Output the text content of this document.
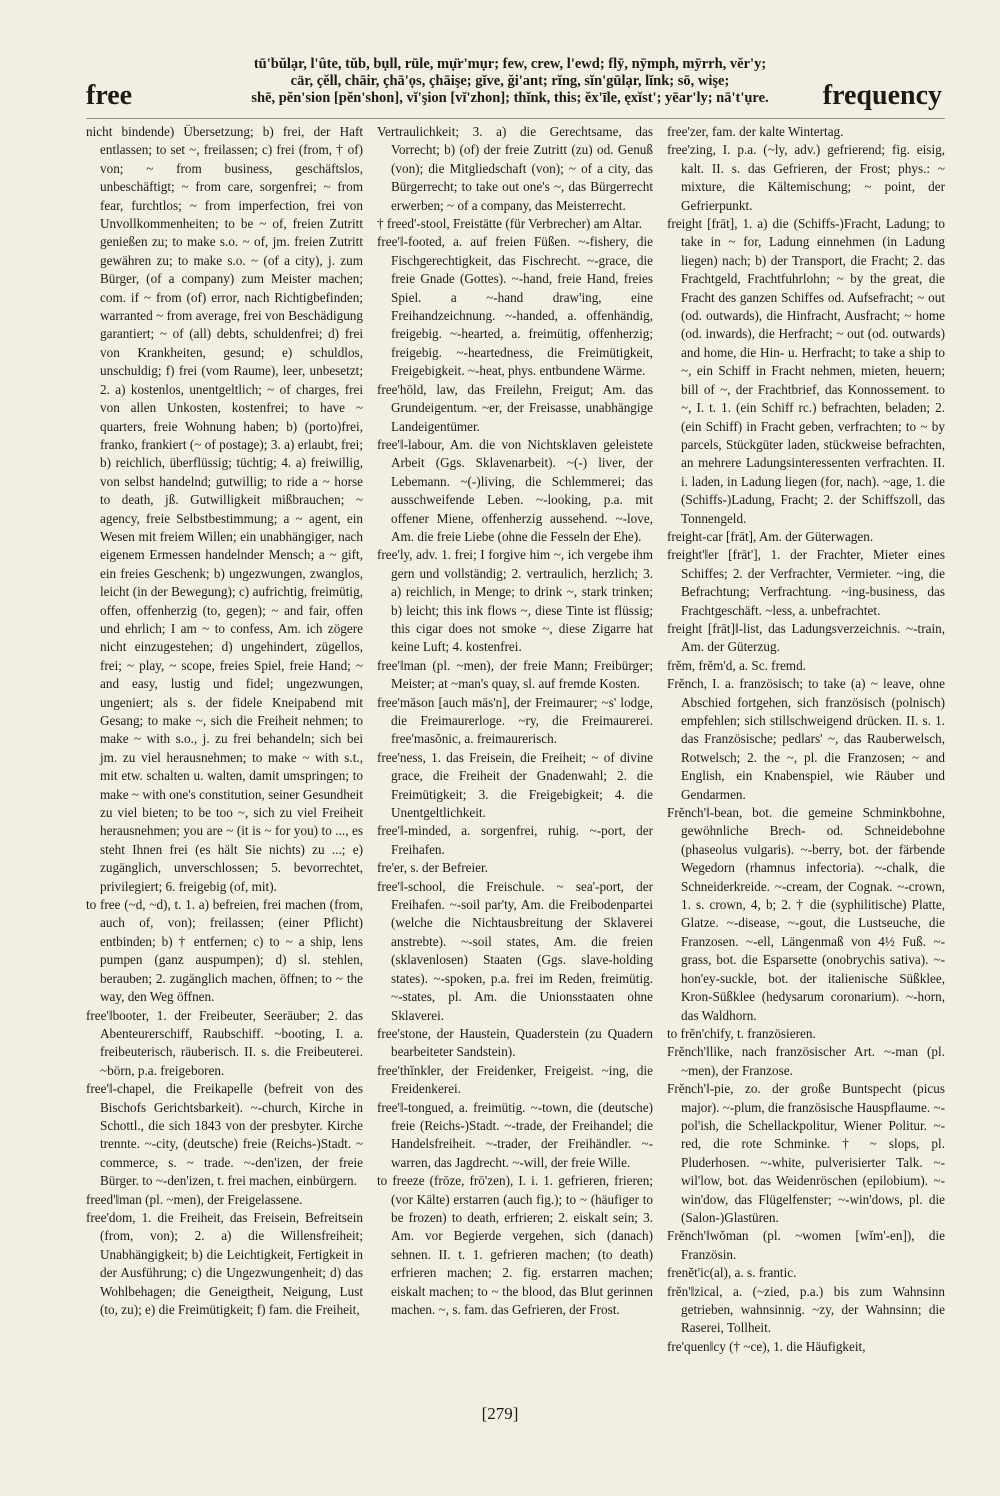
free
tū'bŭlạr, l'ûte, tŭb, bụll, rūle, mụ̈r'mụr; few, crew, l'ewd; flȳ, nȳmph, mȳrrh, vĕr'y;
cär, çĕll, chāir, çhā'ọs, çhāişe; gĭve, ği'ant; rĭng, sĭn'gūlạr, lĭnk; sō, wişe;
shē, pĕn'sion [pĕn'shon], vĭ'şion [vĭ'zhon]; thĭnk, this; ĕx'īle, ęxĭst'; yēar'ly; nā't'ụre.	frequency

nicht bindende) Übersetzung; b) frei, der Haft entlassen; to set ~, freilassen; c) frei (from, † of) von; ~ from business, geschäftslos, unbeschäftigt; ~ from care, sorgenfrei; ~ from fear, furchtlos; ~ from imperfection, frei von Unvollkommenheiten; to be ~ of, freien Zutritt genießen zu; to make s.o. ~ of, jm. freien Zutritt gewähren zu; to make s.o. ~ (of a city), j. zum Bürger, (of a company) zum Meister machen; com. if ~ from (of) error, nach Richtigbefinden; warranted ~ from average, frei von Beschädigung garantiert; ~ of (all) debts, schuldenfrei; d) frei von Krankheiten, gesund; e) schuldlos, unschuldig; f) frei (vom Raume), leer, unbesetzt; 2. a) kostenlos, unentgeltlich; ~ of charges, frei von allen Unkosten, kostenfrei; to have ~ quarters, freie Wohnung haben; b) (porto)frei, franko, frankiert (~ of postage); 3. a) erlaubt, frei; b) reichlich, überflüssig; tüchtig; 4. a) freiwillig, von selbst handelnd; gutwillig; to ride a ~ horse to death, jß. Gutwilligkeit mißbrauchen; ~ agency, freie Selbstbestimmung; a ~ agent, ein Wesen mit freiem Willen; ein unabhängiger, nach eigenem Ermessen handelnder Mensch; a ~ gift, ein freies Geschenk; b) ungezwungen, zwanglos, leicht (in der Bewegung); c) aufrichtig, freimütig, offen, offenherzig (to, gegen); ~ and fair, offen und ehrlich; I am ~ to confess, Am. ich zögere nicht einzugestehen; d) ungehindert, zügellos, frei; ~ play, ~ scope, freies Spiel, freie Hand; ~ and easy, lustig und fidel; ungezwungen, ungeniert; als s. der fidele Kneipabend mit Gesang; to make ~, sich die Freiheit nehmen; to make ~ with s.o., j. zu frei behandeln; sich bei jm. zu viel herausnehmen; to make ~ with s.t., mit etw. schalten u. walten, damit umspringen; to make ~ with one's constitution, seiner Gesundheit zu viel bieten; to be too ~, sich zu viel Freiheit herausnehmen; you are ~ (it is ~ for you) to ..., es steht Ihnen frei (es hält Sie nichts) zu ...; e) zugänglich, unverschlossen; 5. bevorrechtet, privilegiert; 6. freigebig (of, mit).

to free (~d, ~d), t. 1. a) befreien, frei machen (from, auch of, von); freilassen; (einer Pflicht) entbinden; b) † entfernen; c) to ~ a ship, lens pumpen (ganz auspumpen); d) sl. stehlen, berauben; 2. zugänglich machen, öffnen; to ~ the way, den Weg öffnen.

free'‖booter, 1. der Freibeuter, Seeräuber; 2. das Abenteurerschiff, Raubschiff. ~booting, I. a. freibeuterisch, räuberisch. II. s. die Freibeuterei. ~börn, p.a. freigeboren.

free'‖-chapel, die Freikapelle (befreit von des Bischofs Gerichtsbarkeit). ~-church, Kirche in Schottl., die sich 1843 von der presbyter. Kirche trennte. ~-city, (deutsche) freie (Reichs-)Stadt. ~ commerce, s. ~ trade. ~-den'izen, der freie Bürger. to ~-den'izen, t. frei machen, einbürgern.

freed'‖man (pl. ~men), der Freigelassene.

free'dom, 1. die Freiheit, das Freisein, Befreitsein (from, von); 2. a) die Willensfreiheit; Unabhängigkeit; b) die Leichtigkeit, Fertigkeit in der Ausführung; c) die Ungezwungenheit; d) das Wohlbehagen; die Geneigtheit, Neigung, Lust (to, zu); e) die Freimütigkeit; f) fam. die Freiheit,

Vertraulichkeit; 3. a) die Gerechtsame, das Vorrecht; b) (of) der freie Zutritt (zu) od. Genuß (von); die Mitgliedschaft (von); ~ of a city, das Bürgerrecht; to take out one's ~, das Bürgerrecht erwerben; ~ of a company, das Meisterrecht.

† freed'-stool, Freistätte (für Verbrecher) am Altar.

free'‖-footed, a. auf freien Füßen. ~-fishery, die Fischgerechtigkeit, das Fischrecht. ~-grace, die freie Gnade (Gottes). ~-hand, freie Hand, freies Spiel. a ~-hand draw'ing, eine Freihandzeichnung. ~-handed, a. offenhändig, freigebig. ~-hearted, a. freimütig, offenherzig; freigebig. ~-heartedness, die Freimütigkeit, Freigebigkeit. ~-heat, phys. entbundene Wärme.

free'hōld, law, das Freilehn, Freigut; Am. das Grundeigentum. ~er, der Freisasse, unabhängige Landeigentümer.

free'‖-labour, Am. die von Nichtsklaven geleistete Arbeit (Ggs. Sklavenarbeit). ~(-) liver, der Lebemann. ~(-)living, die Schlemmerei; das ausschweifende Leben. ~-looking, p.a. mit offener Miene, offenherzig aussehend. ~-love, Am. die freie Liebe (ohne die Fesseln der Ehe).

free'ly, adv. 1. frei; I forgive him ~, ich vergebe ihm gern und vollständig; 2. vertraulich, herzlich; 3. a) reichlich, in Menge; to drink ~, stark trinken; b) leicht; this ink flows ~, diese Tinte ist flüssig; this cigar does not smoke ~, diese Zigarre hat keine Luft; 4. kostenfrei.

free'‖man (pl. ~men), der freie Mann; Freibürger; Meister; at ~man's quay, sl. auf fremde Kosten.

free'māson [auch mās'n], der Freimaurer; ~s' lodge, die Freimaurerloge. ~ry, die Freimaurerei. free'masŏnic, a. freimaurerisch.

free'ness, 1. das Freisein, die Freiheit; ~ of divine grace, die Freiheit der Gnadenwahl; 2. die Freimütigkeit; 3. die Freigebigkeit; 4. die Unentgeltlichkeit.

free'‖-minded, a. sorgenfrei, ruhig. ~-port, der Freihafen.

fre'er, s. der Befreier.

free'‖-school, die Freischule. ~ sea'-port, der Freihafen. ~-soil par'ty, Am. die Freibodenpartei (welche die Nichtausbreitung der Sklaverei anstrebte). ~-soil states, Am. die freien (sklavenlosen) Staaten (Ggs. slave-holding states). ~-spoken, p.a. frei im Reden, freimütig. ~-states, pl. Am. die Unionsstaaten ohne Sklaverei.

free'stone, der Haustein, Quaderstein (zu Quadern bearbeiteter Sandstein).

free'thĭnk‖er, der Freidenker, Freigeist. ~ing, die Freidenkerei.

free'‖-tongued, a. freimütig. ~-town, die (deutsche) freie (Reichs-)Stadt. ~-trade, der Freihandel; die Handelsfreiheit. ~-trader, der Freihändler. ~-warren, das Jagdrecht. ~-will, der freie Wille.

to freeze (frōze, frō'zen), I. i. 1. gefrieren, frieren; (vor Kälte) erstarren (auch fig.); to ~ (häufiger to be frozen) to death, erfrieren; 2. eiskalt sein; 3. Am. vor Begierde vergehen, sich (danach) sehnen. II. t. 1. gefrieren machen; (to death) erfrieren machen; 2. fig. erstarren machen; eiskalt machen; to ~ the blood, das Blut gerinnen machen. ~, s. fam. das Gefrieren, der Frost.

free'zer, fam. der kalte Wintertag.

free'zing, I. p.a. (~ly, adv.) gefrierend; fig. eisig, kalt. II. s. das Gefrieren, der Frost; phys.: ~ mixture, die Kältemischung; ~ point, der Gefrierpunkt.

freight [frāt], 1. a) die (Schiffs-)Fracht, Ladung; to take in ~ for, Ladung einnehmen (in Ladung liegen) nach; b) der Transport, die Fracht; 2. das Frachtgeld, Frachtfuhrlohn; ~ by the great, die Fracht des ganzen Schiffes od. Aufsefracht; ~ out (od. outwards), die Hinfracht, Ausfracht; ~ home (od. inwards), die Herfracht; ~ out (od. outwards) and home, die Hin- u. Herfracht; to take a ship to ~, ein Schiff in Fracht nehmen, mieten, heuern; bill of ~, der Frachtbrief, das Konnossement. to ~, I. t. 1. (ein Schiff rc.) befrachten, beladen; 2. (ein Schiff) in Fracht geben, verfrachten; to ~ by parcels, Stückgüter laden, stückweise befrachten, an mehrere Ladungsinteressenten verfrachten. II. i. laden, in Ladung liegen (for, nach). ~age, 1. die (Schiffs-)Ladung, Fracht; 2. der Schiffszoll, das Tonnengeld.

freight-car [frāt], Am. der Güterwagen.

freight'‖er [frāt'], 1. der Frachter, Mieter eines Schiffes; 2. der Verfrachter, Vermieter. ~ing, die Befrachtung; Verfrachtung. ~ing-business, das Frachtgeschäft. ~less, a. unbefrachtet.

freight [frāt]‖-list, das Ladungsverzeichnis. ~-train, Am. der Güterzug.

frĕm, frĕm'd, a. Sc. fremd.

Frĕnch, I. a. französisch; to take (a) ~ leave, ohne Abschied fortgehen, sich französisch (polnisch) empfehlen; sich stillschweigend drücken. II. s. 1. das Französische; pedlars' ~, das Rauberwelsch, Rotwelsch; 2. the ~, pl. die Franzosen; ~ and English, ein Knabenspiel, wie Räuber und Gendarmen.

Frĕnch'‖-bean, bot. die gemeine Schminkbohne, gewöhnliche Brech- od. Schneidebohne (phaseolus vulgaris). ~-berry, bot. der färbende Wegedorn (rhamnus infectoria). ~-chalk, die Schneiderkreide. ~-cream, der Cognak. ~-crown, 1. s. crown, 4, b; 2. † die (syphilitische) Platte, Glatze. ~-disease, ~-gout, die Lustseuche, die Franzosen. ~-ell, Längenmaß von 4½ Fuß. ~-grass, bot. die Esparsette (onobrychis sativa). ~-hon'ey-suckle, bot. der italienische Süßklee, Kron-Süßklee (hedysarum coronarium). ~-horn, das Waldhorn.

to frĕn'chify, t. französieren.

Frĕnch'‖like, nach französischer Art. ~-man (pl. ~men), der Franzose.

Frĕnch'‖-pie, zo. der große Buntspecht (picus major). ~-plum, die französische Hauspflaume. ~-pol'ish, die Schellackpolitur, Wiener Politur. ~-red, die rote Schminke. † ~ slops, pl. Pluderhosen. ~-white, pulverisierter Talk. ~-wil'low, bot. das Weidenröschen (epilobium). ~-win'dow, das Flügelfenster; ~-win'dows, pl. die (Salon-)Glastüren.

Frĕnch'‖wŏman (pl. ~women [wĭm'-en]), die Französin.

frenĕt'ic(al), a. s. frantic.

frĕn'‖zical, a. (~zied, p.a.) bis zum Wahnsinn getrieben, wahnsinnig. ~zy, der Wahnsinn; die Raserei, Tollheit.

fre'quen‖cy († ~ce), 1. die Häufigkeit,

[279]
